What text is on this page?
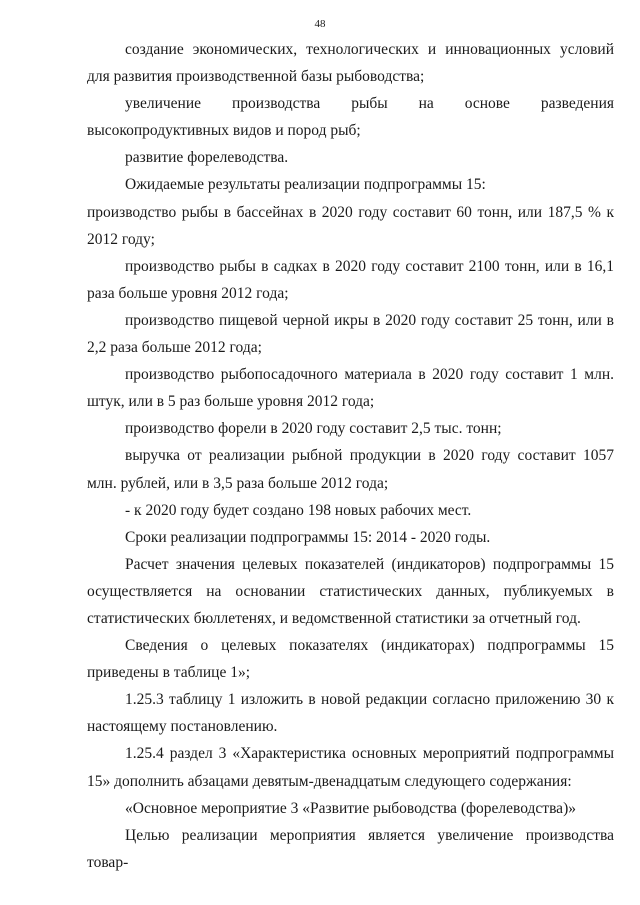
48

создание экономических, технологических и инновационных условий для развития производственной базы рыбоводства;

увеличение производства рыбы на основе разведения высокопродуктивных видов и пород рыб;

развитие форелеводства.

Ожидаемые результаты реализации подпрограммы 15:

производство рыбы в бассейнах в 2020 году составит 60 тонн, или 187,5 % к 2012 году;

производство рыбы в садках в 2020 году составит 2100 тонн, или в 16,1 раза больше уровня 2012 года;

производство пищевой черной икры в 2020 году составит 25 тонн, или в 2,2 раза больше 2012 года;

производство рыбопосадочного материала в 2020 году составит 1 млн. штук, или в 5 раз больше уровня 2012 года;

производство форели в 2020 году составит 2,5 тыс. тонн;

выручка от реализации рыбной продукции в 2020 году составит 1057 млн. рублей, или в 3,5 раза больше 2012 года;

- к 2020 году будет создано 198 новых рабочих мест.

Сроки реализации подпрограммы 15: 2014 - 2020 годы.

Расчет значения целевых показателей (индикаторов) подпрограммы 15 осуществляется на основании статистических данных, публикуемых в статистических бюллетенях, и ведомственной статистики за отчетный год.

Сведения о целевых показателях (индикаторах) подпрограммы 15 приведены в таблице 1»;

1.25.3 таблицу 1 изложить в новой редакции согласно приложению 30 к настоящему постановлению.

1.25.4 раздел 3 «Характеристика основных мероприятий подпрограммы 15» дополнить абзацами девятым-двенадцатым следующего содержания:

«Основное мероприятие 3 «Развитие рыбоводства (форелеводства)»

Целью реализации мероприятия является увеличение производства товар-
